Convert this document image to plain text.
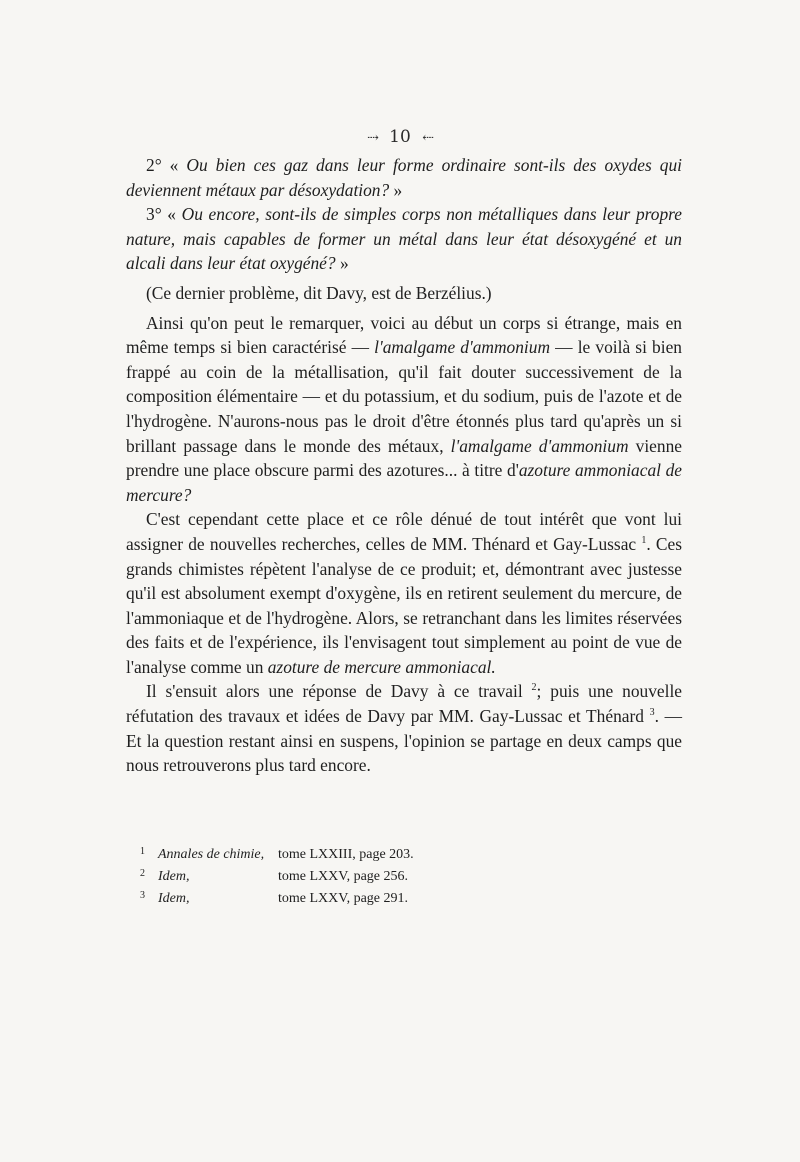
⇢ 10 ⇠

2° « Ou bien ces gaz dans leur forme ordinaire sont-ils des oxydes qui deviennent métaux par désoxydation? »

3° « Ou encore, sont-ils de simples corps non métalliques dans leur propre nature, mais capables de former un métal dans leur état désoxygéné et un alcali dans leur état oxygéné? »

(Ce dernier problème, dit Davy, est de Berzélius.)

Ainsi qu'on peut le remarquer, voici au début un corps si étrange, mais en même temps si bien caractérisé — l'amalgame d'ammonium — le voilà si bien frappé au coin de la métallisation, qu'il fait douter successivement de la composition élémentaire — et du potassium, et du sodium, puis de l'azote et de l'hydrogène. N'aurons-nous pas le droit d'être étonnés plus tard qu'après un si brillant passage dans le monde des métaux, l'amalgame d'ammonium vienne prendre une place obscure parmi des azotures... à titre d'azoture ammoniacal de mercure?

C'est cependant cette place et ce rôle dénué de tout intérêt que vont lui assigner de nouvelles recherches, celles de MM. Thénard et Gay-Lussac $^1$. Ces grands chimistes répètent l'analyse de ce produit; et, démontrant avec justesse qu'il est absolument exempt d'oxygène, ils en retirent seulement du mercure, de l'ammoniaque et de l'hydrogène. Alors, se retranchant dans les limites réservées des faits et de l'expérience, ils l'envisagent tout simplement au point de vue de l'analyse comme un azoture de mercure ammoniacal.

Il s'ensuit alors une réponse de Davy à ce travail $^2$; puis une nouvelle réfutation des travaux et idées de Davy par MM. Gay-Lussac et Thénard $^3$. — Et la question restant ainsi en suspens, l'opinion se partage en deux camps que nous retrouverons plus tard encore.

1 Annales de chimie, tome LXXIII, page 203.
2 Idem,	tome LXXV, page 256.
3 Idem,	tome LXXV, page 291.
